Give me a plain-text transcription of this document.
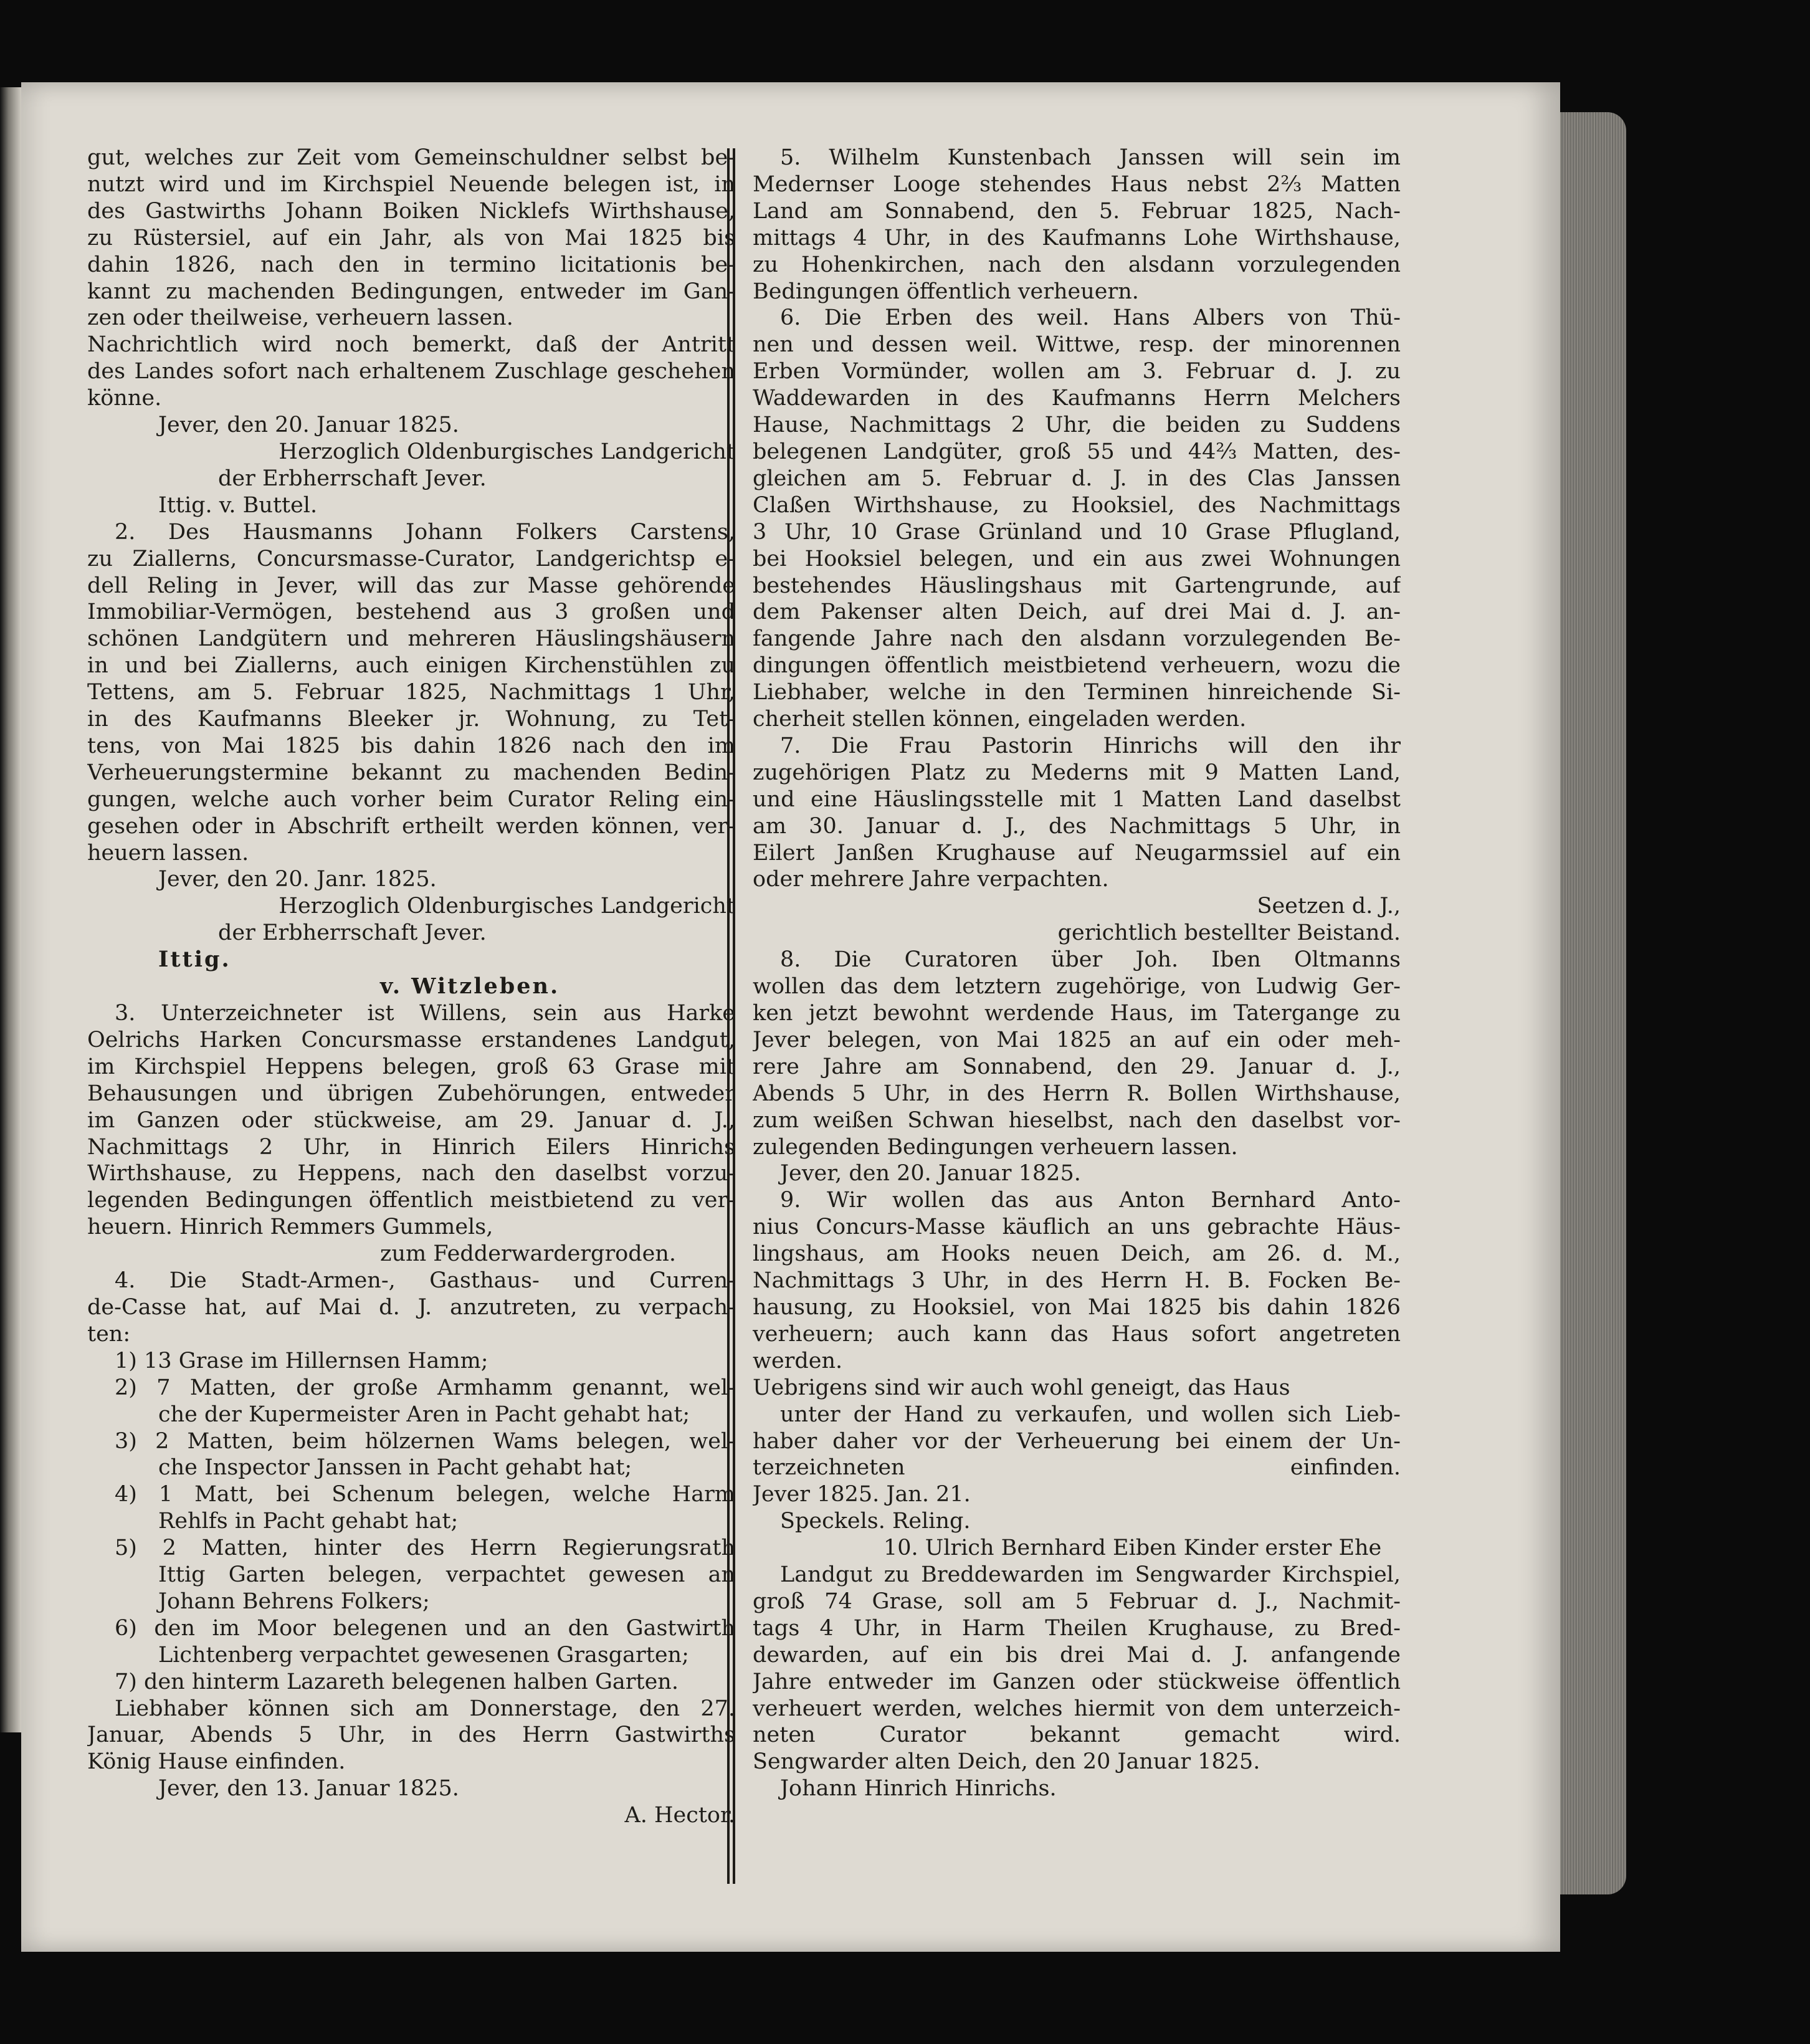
gut, welches zur Zeit vom Gemeinschuldner selbst be-
nutzt wird und im Kirchspiel Neuende belegen ist, in
des Gastwirths Johann Boiken Nicklefs Wirthshause,
zu Rüstersiel, auf ein Jahr, als von Mai 1825 bis
dahin 1826, nach den in termino licitationis be-
kannt zu machenden Bedingungen, entweder im Gan-
zen oder theilweise, verheuern lassen.
Nachrichtlich wird noch bemerkt, daß der Antritt
des Landes sofort nach erhaltenem Zuschlage geschehen
könne.
Jever, den 20. Januar 1825.
Herzoglich Oldenburgisches Landgericht
der Erbherrschaft Jever.
Ittig. v. Buttel.
2. Des Hausmanns Johann Folkers Carstens,
zu Ziallerns, Concursmasse-Curator, Landgerichtsp e-
dell Reling in Jever, will das zur Masse gehörende
Immobiliar-Vermögen, bestehend aus 3 großen und
schönen Landgütern und mehreren Häuslingshäusern
in und bei Ziallerns, auch einigen Kirchenstühlen zu
Tettens, am 5. Februar 1825, Nachmittags 1 Uhr,
in des Kaufmanns Bleeker jr. Wohnung, zu Tet-
tens, von Mai 1825 bis dahin 1826 nach den im
Verheuerungstermine bekannt zu machenden Bedin-
gungen, welche auch vorher beim Curator Reling ein-
gesehen oder in Abschrift ertheilt werden können, ver-
heuern lassen.
Jever, den 20. Janr. 1825.
Herzoglich Oldenburgisches Landgericht
der Erbherrschaft Jever.
Ittig.
v. Witzleben.
3. Unterzeichneter ist Willens, sein aus Harke
Oelrichs Harken Concursmasse erstandenes Landgut,
im Kirchspiel Heppens belegen, groß 63 Grase mit
Behausungen und übrigen Zubehörungen, entweder
im Ganzen oder stückweise, am 29. Januar d. J.,
Nachmittags 2 Uhr, in Hinrich Eilers Hinrichs
Wirthshause, zu Heppens, nach den daselbst vorzu-
legenden Bedingungen öffentlich meistbietend zu ver-
heuern. Hinrich Remmers Gummels,
zum Fedderwardergroden.
4. Die Stadt-Armen-, Gasthaus- und Curren-
de-Casse hat, auf Mai d. J. anzutreten, zu verpach-
ten:
1) 13 Grase im Hillernsen Hamm;
2) 7 Matten, der große Armhamm genannt, wel-
che der Kupermeister Aren in Pacht gehabt hat;
3) 2 Matten, beim hölzernen Wams belegen, wel-
che Inspector Janssen in Pacht gehabt hat;
4) 1 Matt, bei Schenum belegen, welche Harm
Rehlfs in Pacht gehabt hat;
5) 2 Matten, hinter des Herrn Regierungsrath
Ittig Garten belegen, verpachtet gewesen an
Johann Behrens Folkers;
6) den im Moor belegenen und an den Gastwirth
Lichtenberg verpachtet gewesenen Grasgarten;
7) den hinterm Lazareth belegenen halben Garten.
Liebhaber können sich am Donnerstage, den 27.
Januar, Abends 5 Uhr, in des Herrn Gastwirths
König Hause einfinden.
Jever, den 13. Januar 1825.
A. Hector.
5. Wilhelm Kunstenbach Janssen will sein im
Medernser Looge stehendes Haus nebst 2⅔ Matten
Land am Sonnabend, den 5. Februar 1825, Nach-
mittags 4 Uhr, in des Kaufmanns Lohe Wirthshause,
zu Hohenkirchen, nach den alsdann vorzulegenden
Bedingungen öffentlich verheuern.
6. Die Erben des weil. Hans Albers von Thü-
nen und dessen weil. Wittwe, resp. der minorennen
Erben Vormünder, wollen am 3. Februar d. J. zu
Waddewarden in des Kaufmanns Herrn Melchers
Hause, Nachmittags 2 Uhr, die beiden zu Suddens
belegenen Landgüter, groß 55 und 44⅔ Matten, des-
gleichen am 5. Februar d. J. in des Clas Janssen
Claßen Wirthshause, zu Hooksiel, des Nachmittags
3 Uhr, 10 Grase Grünland und 10 Grase Pflugland,
bei Hooksiel belegen, und ein aus zwei Wohnungen
bestehendes Häuslingshaus mit Gartengrunde, auf
dem Pakenser alten Deich, auf drei Mai d. J. an-
fangende Jahre nach den alsdann vorzulegenden Be-
dingungen öffentlich meistbietend verheuern, wozu die
Liebhaber, welche in den Terminen hinreichende Si-
cherheit stellen können, eingeladen werden.
7. Die Frau Pastorin Hinrichs will den ihr
zugehörigen Platz zu Mederns mit 9 Matten Land,
und eine Häuslingsstelle mit 1 Matten Land daselbst
am 30. Januar d. J., des Nachmittags 5 Uhr, in
Eilert Janßen Krughause auf Neugarmssiel auf ein
oder mehrere Jahre verpachten.
Seetzen d. J.,
gerichtlich bestellter Beistand.
8. Die Curatoren über Joh. Iben Oltmanns
wollen das dem letztern zugehörige, von Ludwig Ger-
ken jetzt bewohnt werdende Haus, im Tatergange zu
Jever belegen, von Mai 1825 an auf ein oder meh-
rere Jahre am Sonnabend, den 29. Januar d. J.,
Abends 5 Uhr, in des Herrn R. Bollen Wirthshause,
zum weißen Schwan hieselbst, nach den daselbst vor-
zulegenden Bedingungen verheuern lassen.
Jever, den 20. Januar 1825.
9. Wir wollen das aus Anton Bernhard Anto-
nius Concurs-Masse käuflich an uns gebrachte Häus-
lingshaus, am Hooks neuen Deich, am 26. d. M.,
Nachmittags 3 Uhr, in des Herrn H. B. Focken Be-
hausung, zu Hooksiel, von Mai 1825 bis dahin 1826
verheuern; auch kann das Haus sofort angetreten
werden.
Uebrigens sind wir auch wohl geneigt, das Haus
unter der Hand zu verkaufen, und wollen sich Lieb-
haber daher vor der Verheuerung bei einem der Un-
terzeichneten einfinden.
Jever 1825. Jan. 21.
Speckels. Reling.
10. Ulrich Bernhard Eiben Kinder erster Ehe
Landgut zu Breddewarden im Sengwarder Kirchspiel,
groß 74 Grase, soll am 5 Februar d. J., Nachmit-
tags 4 Uhr, in Harm Theilen Krughause, zu Bred-
dewarden, auf ein bis drei Mai d. J. anfangende
Jahre entweder im Ganzen oder stückweise öffentlich
verheuert werden, welches hiermit von dem unterzeich-
neten Curator bekannt gemacht wird.
Sengwarder alten Deich, den 20 Januar 1825.
Johann Hinrich Hinrichs.
